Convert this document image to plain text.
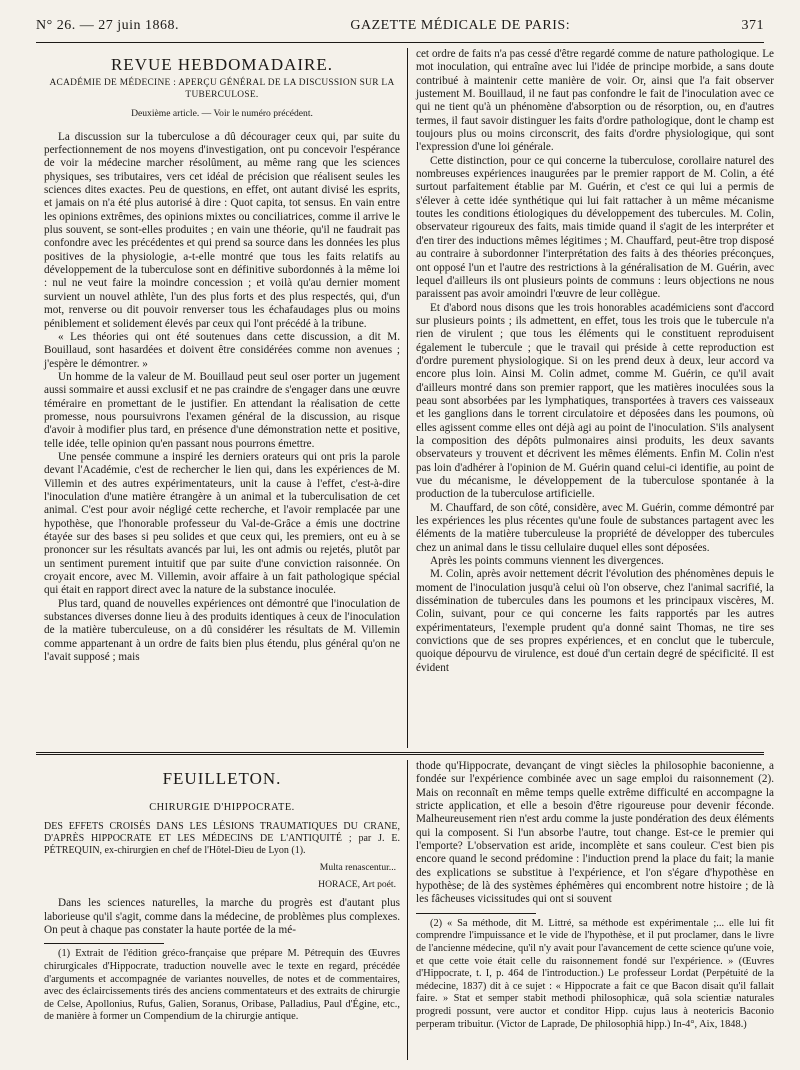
N° 26. — 27 juin 1868.	GAZETTE MÉDICALE DE PARIS:	371
REVUE HEBDOMADAIRE.
ACADÉMIE DE MÉDECINE : APERÇU GÉNÉRAL DE LA DISCUSSION SUR LA TUBERCULOSE.
Deuxième article. — Voir le numéro précédent.

La discussion sur la tuberculose a dû décourager ceux qui, par suite du perfectionnement de nos moyens d'investigation, ont pu concevoir l'espérance de voir la médecine marcher résolûment, au même rang que les sciences physiques, ses tributaires, vers cet idéal de précision que réalisent seules les sciences dites exactes. Peu de questions, en effet, ont autant divisé les esprits, et jamais on n'a été plus autorisé à dire : Quot capita, tot sensus. En vain entre les opinions extrêmes, des opinions mixtes ou conciliatrices, comme il arrive le plus souvent, se sont-elles produites ; en vain une théorie, qu'il ne faudrait pas confondre avec les précédentes et qui prend sa source dans les données les plus positives de la physiologie, a-t-elle montré que tous les faits relatifs au développement de la tuberculose sont en définitive subordonnés à la même loi : nul ne veut faire la moindre concession ; et voilà qu'au dernier moment survient un nouvel athlète, l'un des plus forts et des plus respectés, qui, d'un mot, renverse ou dit pouvoir renverser tous les échafaudages plus ou moins péniblement et solidement élevés par ceux qui l'ont précédé à la tribune.

« Les théories qui ont été soutenues dans cette discussion, a dit M. Bouillaud, sont hasardées et doivent être considérées comme non avenues ; j'espère le démontrer. »

Un homme de la valeur de M. Bouillaud peut seul oser porter un jugement aussi sommaire et aussi exclusif et ne pas craindre de s'engager dans une œuvre téméraire en promettant de le justifier. En attendant la réalisation de cette promesse, nous poursuivrons l'examen général de la discussion, au risque d'avoir à modifier plus tard, en présence d'une démonstration nette et positive, telle idée, telle opinion qu'en passant nous pourrons émettre.

Une pensée commune a inspiré les derniers orateurs qui ont pris la parole devant l'Académie, c'est de rechercher le lien qui, dans les expériences de M. Villemin et des autres expérimentateurs, unit la cause à l'effet, c'est-à-dire l'inoculation d'une matière étrangère à un animal et la tuberculisation de cet animal. C'est pour avoir négligé cette recherche, et l'avoir remplacée par une hypothèse, que l'honorable professeur du Val-de-Grâce a émis une doctrine étayée sur des bases si peu solides et que ceux qui, les premiers, ont eu à se prononcer sur les résultats avancés par lui, les ont admis ou rejetés, plutôt par un sentiment purement intuitif que par suite d'une conviction raisonnée. On croyait encore, avec M. Villemin, avoir affaire à un fait pathologique spécial qui était en rapport direct avec la nature de la substance inoculée.

Plus tard, quand de nouvelles expériences ont démontré que l'inoculation de substances diverses donne lieu à des produits identiques à ceux de l'inoculation de la matière tuberculeuse, on a dû considérer les résultats de M. Villemin comme appartenant à un ordre de faits bien plus étendu, plus général qu'on ne l'avait supposé ; mais

cet ordre de faits n'a pas cessé d'être regardé comme de nature pathologique. Le mot inoculation, qui entraîne avec lui l'idée de principe morbide, a sans doute contribué à maintenir cette manière de voir. Or, ainsi que l'a fait observer justement M. Bouillaud, il ne faut pas confondre le fait de l'inoculation avec ce qui ne tient qu'à un phénomène d'absorption ou de résorption, ou, en d'autres termes, il faut savoir distinguer les faits d'ordre pathologique, dont le champ est toujours plus ou moins circonscrit, des faits d'ordre physiologique, qui sont l'expression d'une loi générale.

Cette distinction, pour ce qui concerne la tuberculose, corollaire naturel des nombreuses expériences inaugurées par le premier rapport de M. Colin, a été surtout parfaitement établie par M. Guérin, et c'est ce qui lui a permis de s'élever à cette idée synthétique qui lui fait rattacher à un même mécanisme toutes les conditions étiologiques du développement des tubercules. M. Colin, observateur rigoureux des faits, mais timide quand il s'agit de les interpréter et d'en tirer des inductions mêmes légitimes ; M. Chauffard, peut-être trop disposé au contraire à subordonner l'interprétation des faits à des théories préconçues, ont opposé l'un et l'autre des restrictions à la généralisation de M. Guérin, avec lequel d'ailleurs ils ont plusieurs points de communs : leurs objections ne nous paraissent pas avoir amoindri l'œuvre de leur collègue.

Et d'abord nous disons que les trois honorables académiciens sont d'accord sur plusieurs points ; ils admettent, en effet, tous les trois que le tubercule n'a rien de virulent ; que tous les éléments qui le constituent reproduisent également le tubercule ; que le travail qui préside à cette reproduction est d'ordre purement physiologique. Si on les prend deux à deux, leur accord va encore plus loin. Ainsi M. Colin admet, comme M. Guérin, ce qu'il avait d'ailleurs montré dans son premier rapport, que les matières inoculées sous la peau sont absorbées par les lymphatiques, transportées à travers ces vaisseaux et les ganglions dans le torrent circulatoire et déposées dans les poumons, où elles agissent comme elles ont déjà agi au point de l'inoculation. S'ils analysent la composition des dépôts pulmonaires ainsi produits, les deux savants observateurs y trouvent et décrivent les mêmes éléments. Enfin M. Colin n'est pas loin d'adhérer à l'opinion de M. Guérin quand celui-ci identifie, au point de vue du mécanisme, le développement de la tuberculose spontanée à la production de la tuberculose artificielle.

M. Chauffard, de son côté, considère, avec M. Guérin, comme démontré par les expériences les plus récentes qu'une foule de substances partagent avec les éléments de la matière tuberculeuse la propriété de développer des tubercules chez un animal dans le tissu cellulaire duquel elles sont déposées.

Après les points communs viennent les divergences.

M. Colin, après avoir nettement décrit l'évolution des phénomènes depuis le moment de l'inoculation jusqu'à celui où l'on observe, chez l'animal sacrifié, la dissémination de tubercules dans les poumons et les principaux viscères, M. Colin, suivant, pour ce qui concerne les faits rapportés par les autres expérimentateurs, l'exemple prudent qu'a donné saint Thomas, ne tire ses convictions que de ses propres expériences, et en conclut que le tubercule, quoique dépourvu de virulence, est doué d'un certain degré de spécificité. Il est évident

FEUILLETON.
CHIRURGIE D'HIPPOCRATE.
DES EFFETS CROISÉS DANS LES LÉSIONS TRAUMATIQUES DU CRANE, D'APRÈS HIPPOCRATE ET LES MÉDECINS DE L'ANTIQUITÉ ; par J. E. PÉTREQUIN, ex-chirurgien en chef de l'Hôtel-Dieu de Lyon (1).
Multa renascentur...
HORACE, Art poét.

Dans les sciences naturelles, la marche du progrès est d'autant plus laborieuse qu'il s'agit, comme dans la médecine, de problèmes plus complexes. On peut à chaque pas constater la haute portée de la mé-

(1) Extrait de l'édition gréco-française que prépare M. Pétrequin des Œuvres chirurgicales d'Hippocrate, traduction nouvelle avec le texte en regard, précédée d'arguments et accompagnée de variantes nouvelles, de notes et de commentaires, avec des éclaircissements tirés des anciens commentateurs et des extraits de chirurgie de Celse, Apollonius, Rufus, Galien, Soranus, Oribase, Palladius, Paul d'Égine, etc., de manière à former un Compendium de la chirurgie antique.

thode qu'Hippocrate, devançant de vingt siècles la philosophie baconienne, a fondée sur l'expérience combinée avec un sage emploi du raisonnement (2). Mais on reconnaît en même temps quelle extrême difficulté en accompagne la stricte application, et elle a besoin d'être rigoureuse pour devenir féconde. Malheureusement rien n'est ardu comme la juste pondération des deux éléments qui la composent. Si l'un absorbe l'autre, tout change. Est-ce le premier qui l'emporte? L'observation est aride, incomplète et sans couleur. C'est bien pis encore quand le second prédomine : l'induction prend la place du fait; la manie des explications se substitue à l'expérience, et l'on s'égare d'hypothèse en hypothèse; de là des systèmes éphémères qui encombrent notre histoire ; de là les fâcheuses vicissitudes qui ont si souvent

(2) « Sa méthode, dit M. Littré, sa méthode est expérimentale ;... elle lui fit comprendre l'impuissance et le vide de l'hypothèse, et il put proclamer, dans le livre de l'ancienne médecine, qu'il n'y avait pour l'avancement de cette science qu'une voie, et que cette voie était celle du raisonnement fondé sur l'expérience. » (Œuvres d'Hippocrate, t. I, p. 464 de l'introduction.) Le professeur Lordat (Perpétuité de la médecine, 1837) dit à ce sujet : « Hippocrate a fait ce que Bacon disait qu'il fallait faire. » Stat et semper stabit methodi philosophicæ, quâ sola scientiæ naturales progredi possunt, vere auctor et conditor Hipp. cujus laus à neotericis Baconio perperam tribuitur. (Victor de Laprade, De philosophiâ hipp.) In-4°, Aix, 1848.)
